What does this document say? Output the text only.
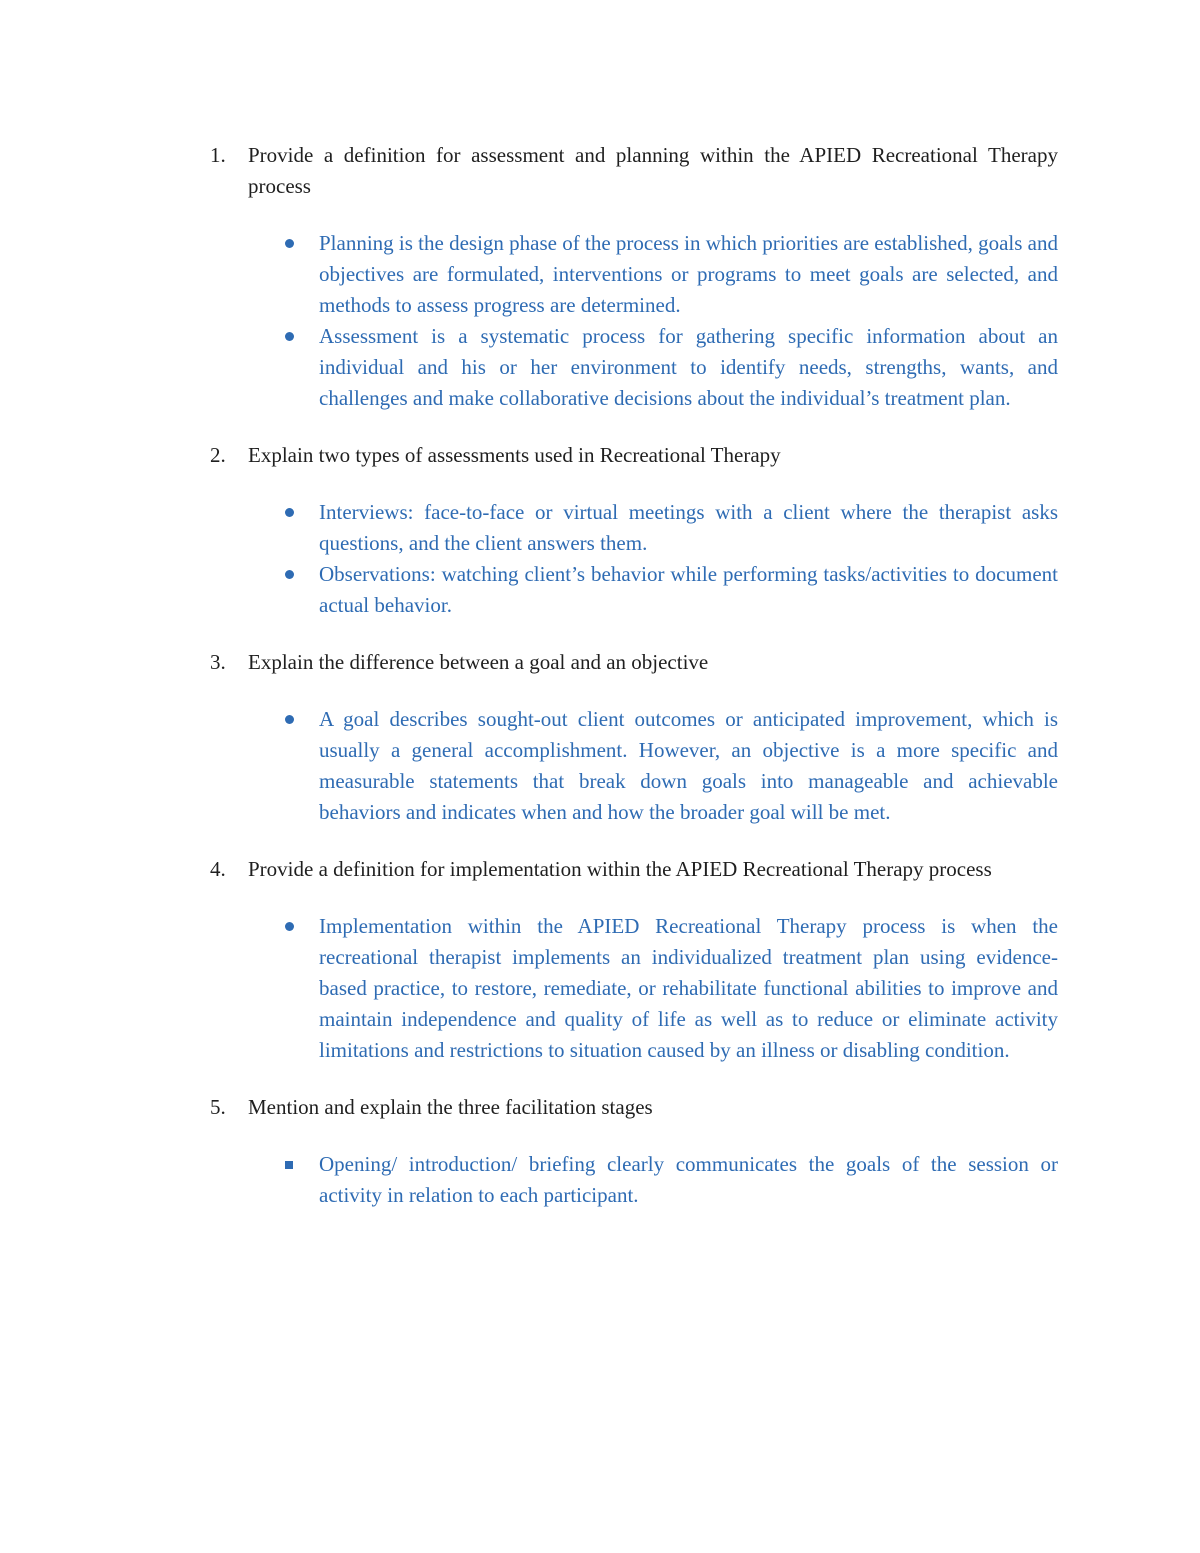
1.	Provide a definition for assessment and planning within the APIED Recreational Therapy process
Planning is the design phase of the process in which priorities are established, goals and objectives are formulated, interventions or programs to meet goals are selected, and methods to assess progress are determined.
Assessment is a systematic process for gathering specific information about an individual and his or her environment to identify needs, strengths, wants, and challenges and make collaborative decisions about the individual’s treatment plan.
2.	Explain two types of assessments used in Recreational Therapy
Interviews: face-to-face or virtual meetings with a client where the therapist asks questions, and the client answers them.
Observations: watching client’s behavior while performing tasks/activities to document actual behavior.
3.	Explain the difference between a goal and an objective
A goal describes sought-out client outcomes or anticipated improvement, which is usually a general accomplishment. However, an objective is a more specific and measurable statements that break down goals into manageable and achievable behaviors and indicates when and how the broader goal will be met.
4.	Provide a definition for implementation within the APIED Recreational Therapy process
Implementation within the APIED Recreational Therapy process is when the recreational therapist implements an individualized treatment plan using evidence-based practice, to restore, remediate, or rehabilitate functional abilities to improve and maintain independence and quality of life as well as to reduce or eliminate activity limitations and restrictions to situation caused by an illness or disabling condition.
5.	Mention and explain the three facilitation stages
Opening/ introduction/ briefing clearly communicates the goals of the session or activity in relation to each participant.
